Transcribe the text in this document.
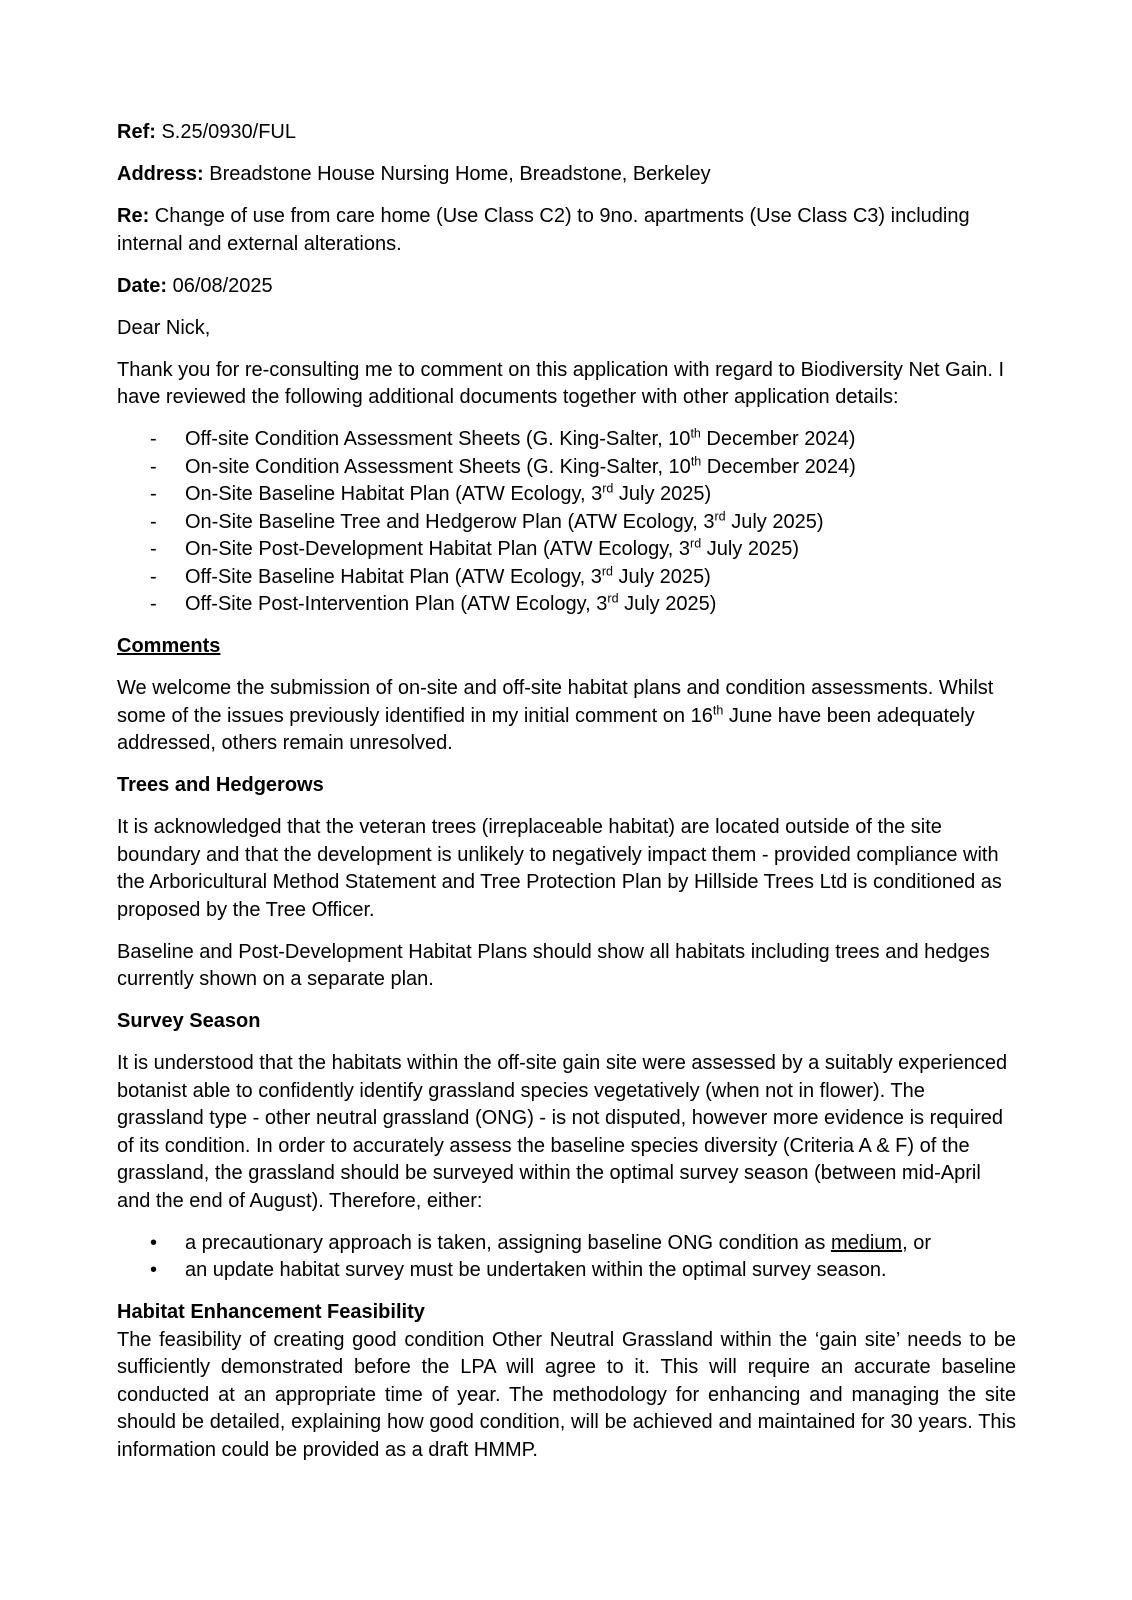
Ref: S.25/0930/FUL

Address: Breadstone House Nursing Home, Breadstone, Berkeley

Re: Change of use from care home (Use Class C2) to 9no. apartments (Use Class C3) including internal and external alterations.

Date: 06/08/2025

Dear Nick,

Thank you for re-consulting me to comment on this application with regard to Biodiversity Net Gain. I have reviewed the following additional documents together with other application details:

-	Off-site Condition Assessment Sheets (G. King-Salter, 10th December 2024)
-	On-site Condition Assessment Sheets (G. King-Salter, 10th December 2024)
-	On-Site Baseline Habitat Plan (ATW Ecology, 3rd July 2025)
-	On-Site Baseline Tree and Hedgerow Plan (ATW Ecology, 3rd July 2025)
-	On-Site Post-Development Habitat Plan (ATW Ecology, 3rd July 2025)
-	Off-Site Baseline Habitat Plan (ATW Ecology, 3rd July 2025)
-	Off-Site Post-Intervention Plan (ATW Ecology, 3rd July 2025)

Comments

We welcome the submission of on-site and off-site habitat plans and condition assessments. Whilst some of the issues previously identified in my initial comment on 16th June have been adequately addressed, others remain unresolved.

Trees and Hedgerows

It is acknowledged that the veteran trees (irreplaceable habitat) are located outside of the site boundary and that the development is unlikely to negatively impact them - provided compliance with the Arboricultural Method Statement and Tree Protection Plan by Hillside Trees Ltd is conditioned as proposed by the Tree Officer.

Baseline and Post-Development Habitat Plans should show all habitats including trees and hedges currently shown on a separate plan.

Survey Season

It is understood that the habitats within the off-site gain site were assessed by a suitably experienced botanist able to confidently identify grassland species vegetatively (when not in flower). The grassland type - other neutral grassland (ONG) - is not disputed, however more evidence is required of its condition. In order to accurately assess the baseline species diversity (Criteria A & F) of the grassland, the grassland should be surveyed within the optimal survey season (between mid-April and the end of August). Therefore, either:

•	a precautionary approach is taken, assigning baseline ONG condition as medium, or
•	an update habitat survey must be undertaken within the optimal survey season.

Habitat Enhancement Feasibility

The feasibility of creating good condition Other Neutral Grassland within the ‘gain site’ needs to be sufficiently demonstrated before the LPA will agree to it. This will require an accurate baseline conducted at an appropriate time of year. The methodology for enhancing and managing the site should be detailed, explaining how good condition, will be achieved and maintained for 30 years. This information could be provided as a draft HMMP.
